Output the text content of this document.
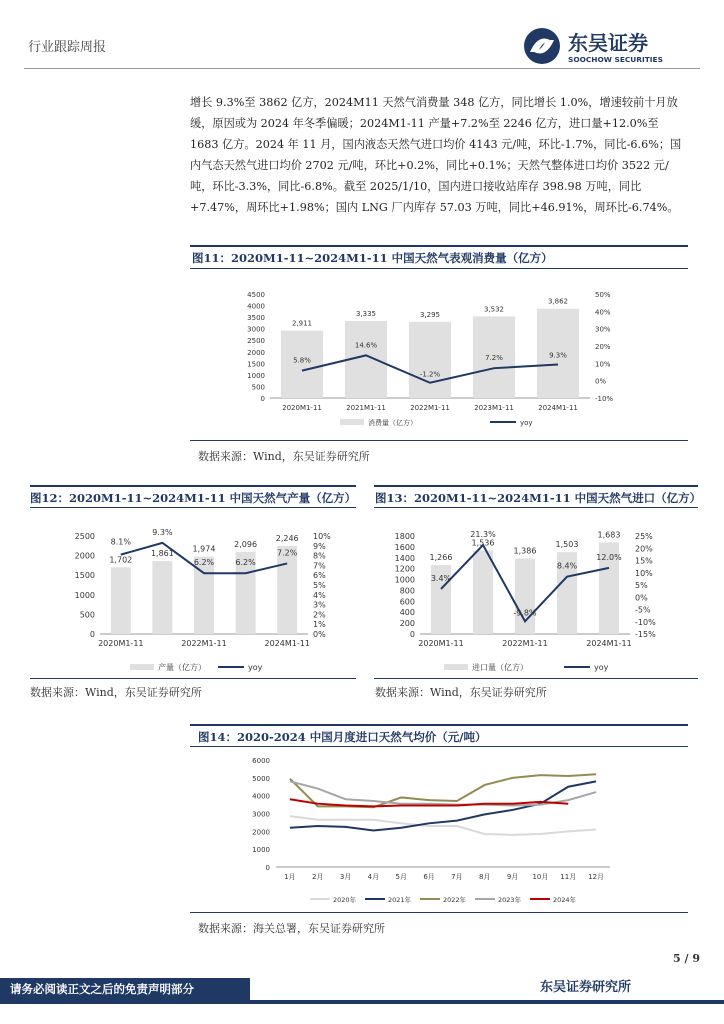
行业跟踪周报	东吴证券
SOOCHOW SECURITIES

增长 9.3%至 3862 亿方，2024M11 天然气消费量 348 亿方，同比增长 1.0%，增速较前十月放缓，原因或为 2024 年冬季偏暖；2024M1-11 产量+7.2%至 2246 亿方，进口量+12.0%至 1683 亿方。2024 年 11 月，国内液态天然气进口均价 4143 元/吨，环比-1.7%，同比-6.6%；国内气态天然气进口均价 2702 元/吨，环比+0.2%，同比+0.1%；天然气整体进口均价 3522 元/吨，环比-3.3%，同比-6.8%。截至 2025/1/10，国内进口接收站库存 398.98 万吨，同比+7.47%，周环比+1.98%；国内 LNG 厂内库存 57.03 万吨，同比+46.91%，周环比-6.74%。

图11：2020M1-11~2024M1-11 中国天然气表观消费量（亿方）
0
500
1000
1500
2000
2500
3000
3500
4000
4500
-10%
0%
10%
20%
30%
40%
50%
2,911
3,335	3,295
3,532
3,862
5.8%
14.6%
-1.2%
7.2%	9.3%
2020M1-11	2021M1-11	2022M1-11	2023M1-11	2024M1-11
消费量（亿方）	yoy
数据来源：Wind，东吴证券研究所
图12：2020M1-11~2024M1-11 中国天然气产量（亿方）
0
500
1000
1500
2000
2500
0%
1%
2%
3%
4%
5%
6%
7%
8%
9%
10%
1,702
1,861 1,974
2,096
2,246
8.1%
9.3%
6.2%	6.2%
7.2%
2020M1-11	2022M1-11	2024M1-11
产量（亿方）	yoy
数据来源：Wind，东吴证券研究所
图13：2020M1-11~2024M1-11 中国天然气进口（亿方）
0
200
400
600
800
1000
1200
1400
1600
1800
-15%
-10%
-5%
0%
5%
10%
15%
20%
25%
1,266
1,536
1,386
1,503
1,683
3.4%
21.3%
-9.8%
8.4%
12.0%
2020M1-11	2022M1-11	2024M1-11
进口量（亿方）	yoy
数据来源：Wind，东吴证券研究所
图14：2020-2024 中国月度进口天然气均价（元/吨）
0
1000
2000
3000
4000
5000
6000
1月 2月 3月 4月 5月 6月 7月 8月 9月 10月 11月 12月
2020年	2021年	2022年	2023年	2024年
数据来源：海关总署，东吴证券研究所
5 / 9
请务必阅读正文之后的免责声明部分	东吴证券研究所
